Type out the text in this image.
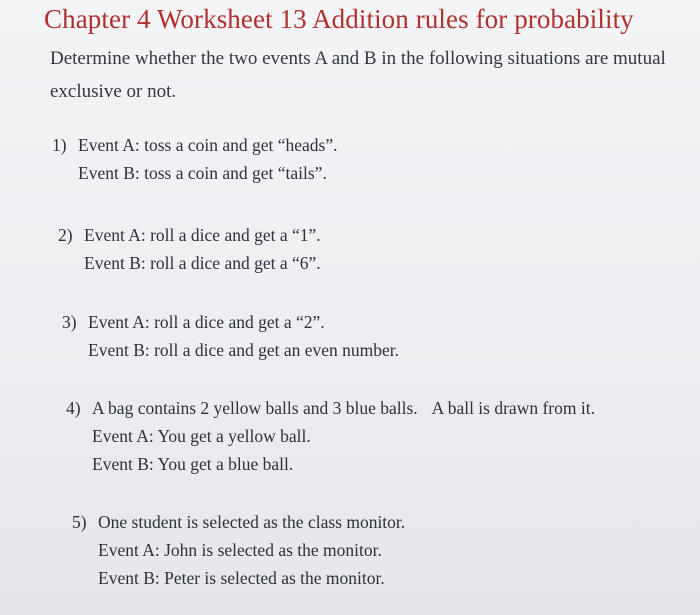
Chapter 4 Worksheet 13 Addition rules for probability
Determine whether the two events A and B in the following situations are mutual exclusive or not.
1) Event A: toss a coin and get “heads”.
Event B: toss a coin and get “tails”.
2) Event A: roll a dice and get a “1”.
Event B: roll a dice and get a “6”.
3) Event A: roll a dice and get a “2”.
Event B: roll a dice and get an even number.
4) A bag contains 2 yellow balls and 3 blue balls. A ball is drawn from it.
Event A: You get a yellow ball.
Event B: You get a blue ball.
5) One student is selected as the class monitor.
Event A: John is selected as the monitor.
Event B: Peter is selected as the monitor.
